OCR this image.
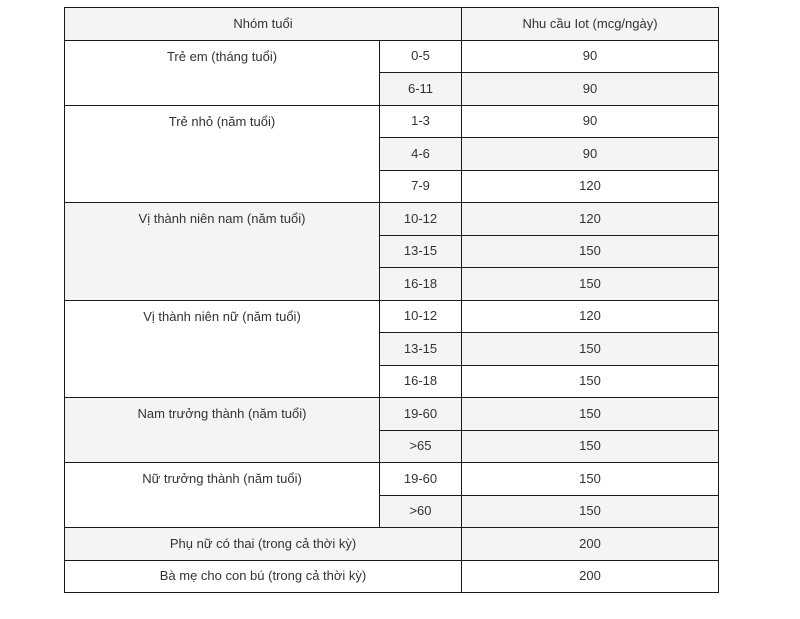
Nhóm tuổi		Nhu cầu Iot (mcg/ngày)
Trẻ em (tháng tuổi)	0-5	90
	6-11	90
Trẻ nhỏ (năm tuổi)	1-3	90
	4-6	90
	7-9	120
Vị thành niên nam (năm tuổi)	10-12	120
	13-15	150
	16-18	150
Vị thành niên nữ (năm tuổi)	10-12	120
	13-15	150
	16-18	150
Nam trưởng thành (năm tuổi)	19-60	150
	>65	150
Nữ trưởng thành (năm tuổi)	19-60	150
	>60	150
Phụ nữ có thai (trong cả thời kỳ)		200
Bà mẹ cho con bú (trong cả thời kỳ)		200
